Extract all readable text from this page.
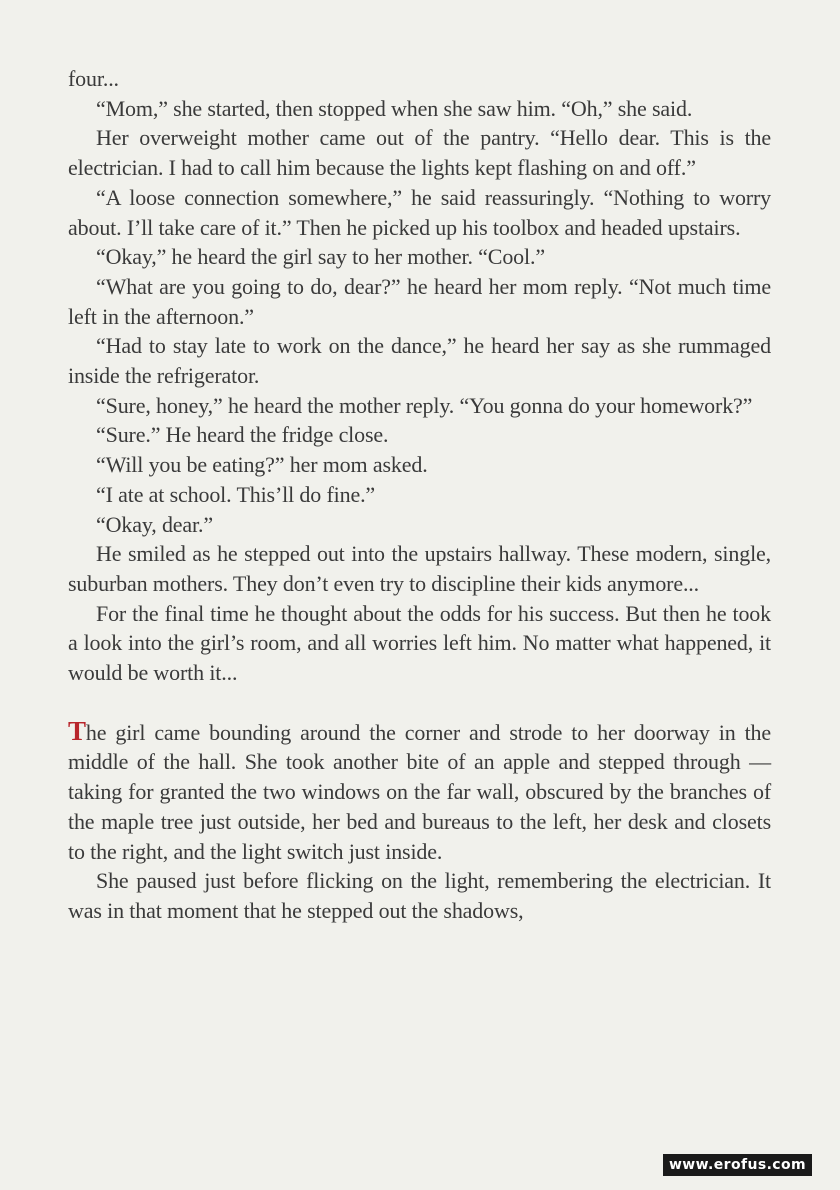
four...

“Mom,” she started, then stopped when she saw him. “Oh,” she said.

Her overweight mother came out of the pantry. “Hello dear. This is the electrician. I had to call him because the lights kept flashing on and off.”

“A loose connection somewhere,” he said reassuringly. “Nothing to worry about. I’ll take care of it.” Then he picked up his toolbox and headed upstairs.

“Okay,” he heard the girl say to her mother. “Cool.”

“What are you going to do, dear?” he heard her mom reply. “Not much time left in the afternoon.”

“Had to stay late to work on the dance,” he heard her say as she rummaged inside the refrigerator.

“Sure, honey,” he heard the mother reply. “You gonna do your homework?”

“Sure.” He heard the fridge close.

“Will you be eating?” her mom asked.

“I ate at school. This’ll do fine.”

“Okay, dear.”

He smiled as he stepped out into the upstairs hallway. These modern, single, suburban mothers. They don’t even try to discipline their kids anymore...

For the final time he thought about the odds for his success. But then he took a look into the girl’s room, and all worries left him. No matter what happened, it would be worth it...

The girl came bounding around the corner and strode to her doorway in the middle of the hall. She took another bite of an apple and stepped through — taking for granted the two windows on the far wall, obscured by the branches of the maple tree just outside, her bed and bureaus to the left, her desk and closets to the right, and the light switch just inside.

She paused just before flicking on the light, remembering the electrician. It was in that moment that he stepped out the shadows,

www.erofus.com
